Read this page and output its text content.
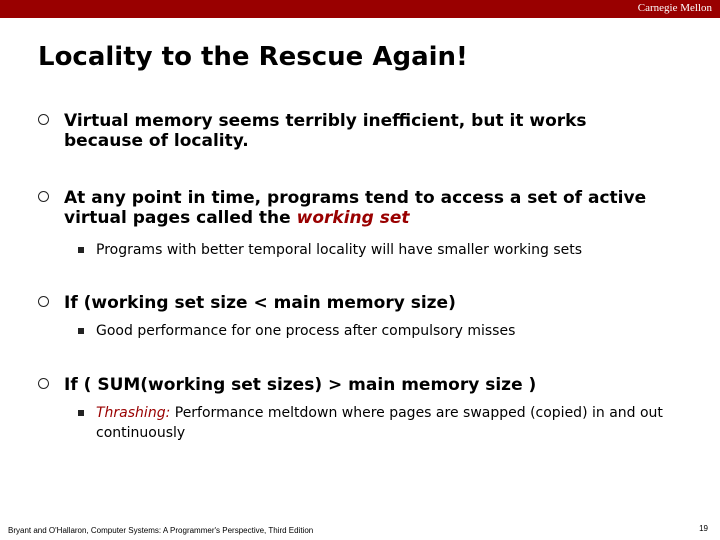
Carnegie Mellon
Locality to the Rescue Again!
Virtual memory seems terribly inefficient, but it works because of locality.
At any point in time, programs tend to access a set of active virtual pages called the working set
Programs with better temporal locality will have smaller working sets
If (working set size < main memory size)
Good performance for one process after compulsory misses
If ( SUM(working set sizes) > main memory size )
Thrashing: Performance meltdown where pages are swapped (copied) in and out continuously
Bryant and O'Hallaron, Computer Systems: A Programmer's Perspective, Third Edition	19
